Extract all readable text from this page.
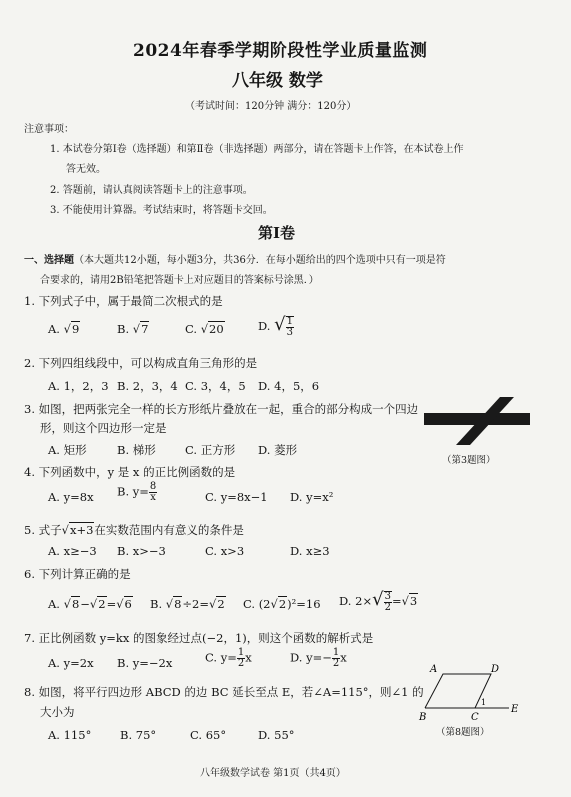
2024年春季学期阶段性学业质量监测
八年级 数学
（考试时间：120分钟 满分：120分）
注意事项：
1. 本试卷分第Ⅰ卷（选择题）和第Ⅱ卷（非选择题）两部分，请在答题卡上作答，在本试卷上作
答无效。
2. 答题前，请认真阅读答题卡上的注意事项。
3. 不能使用计算器。考试结束时，将答题卡交回。
第Ⅰ卷
一、选择题（本大题共12小题，每小题3分，共36分．在每小题给出的四个选项中只有一项是符
合要求的，请用2B铅笔把答题卡上对应题目的答案标号涂黑．）
1. 下列式子中，属于最简二次根式的是
A. √9	B. √7	C. √20	D. √ $\frac{1}{3}$
2. 下列四组线段中，可以构成直角三角形的是
A. 1，2，3 B. 2，3，4 C. 3，4，5 D. 4，5，6
3. 如图，把两张完全一样的长方形纸片叠放在一起，重合的部分构成一个四边
形，则这个四边形一定是
A. 矩形	B. 梯形	C. 正方形 D. 菱形
（第3题图）
4. 下列函数中，y 是 x 的正比例函数的是
A. y=8x B. $y= \frac{8}{x}$	C. y=8x−1 D. y=x²
5. 式子√x+3在实数范围内有意义的条件是
A. x≥−3 B. x>−3	C. x>3	D. x≥3
6. 下列计算正确的是
A. √8−√2=√6 B. √8÷2=√2 C. (2√2)²=16 D. $2\times√ \frac{3}{2} =√3$
7. 正比例函数 y=kx 的图象经过点(−2，1)，则这个函数的解析式是
A. y=2x B. y=−2x	C. $y= \frac{1}{2}$ x	D. $y=- \frac{1}{2}$ x
8. 如图，将平行四边形 ABCD 的边 BC 延长至点 E，若∠A=115°，则∠1 的
大小为
A. 115° B. 75°	C. 65°	D. 55°
A	D
B	C
E
1
（第8题图）
八年级数学试卷 第1页（共4页）
